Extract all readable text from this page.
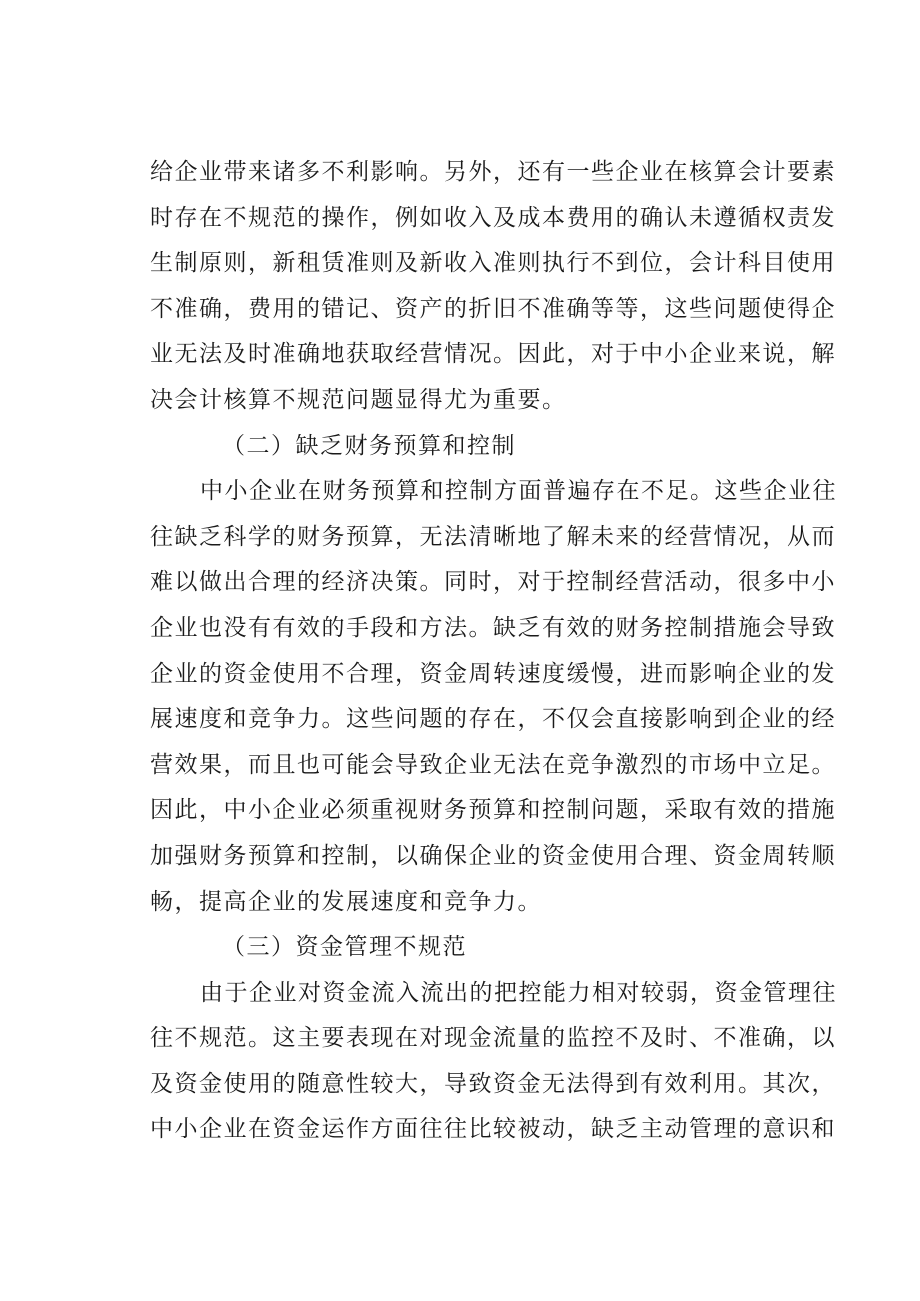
给企业带来诸多不利影响。另外，还有一些企业在核算会计要素
时存在不规范的操作，例如收入及成本费用的确认未遵循权责发
生制原则，新租赁准则及新收入准则执行不到位，会计科目使用
不准确，费用的错记、资产的折旧不准确等等，这些问题使得企
业无法及时准确地获取经营情况。因此，对于中小企业来说，解
决会计核算不规范问题显得尤为重要。
（二）缺乏财务预算和控制
中小企业在财务预算和控制方面普遍存在不足。这些企业往
往缺乏科学的财务预算，无法清晰地了解未来的经营情况，从而
难以做出合理的经济决策。同时，对于控制经营活动，很多中小
企业也没有有效的手段和方法。缺乏有效的财务控制措施会导致
企业的资金使用不合理，资金周转速度缓慢，进而影响企业的发
展速度和竞争力。这些问题的存在，不仅会直接影响到企业的经
营效果，而且也可能会导致企业无法在竞争激烈的市场中立足。
因此，中小企业必须重视财务预算和控制问题，采取有效的措施
加强财务预算和控制，以确保企业的资金使用合理、资金周转顺
畅，提高企业的发展速度和竞争力。
（三）资金管理不规范
由于企业对资金流入流出的把控能力相对较弱，资金管理往
往不规范。这主要表现在对现金流量的监控不及时、不准确，以
及资金使用的随意性较大，导致资金无法得到有效利用。其次，
中小企业在资金运作方面往往比较被动，缺乏主动管理的意识和
